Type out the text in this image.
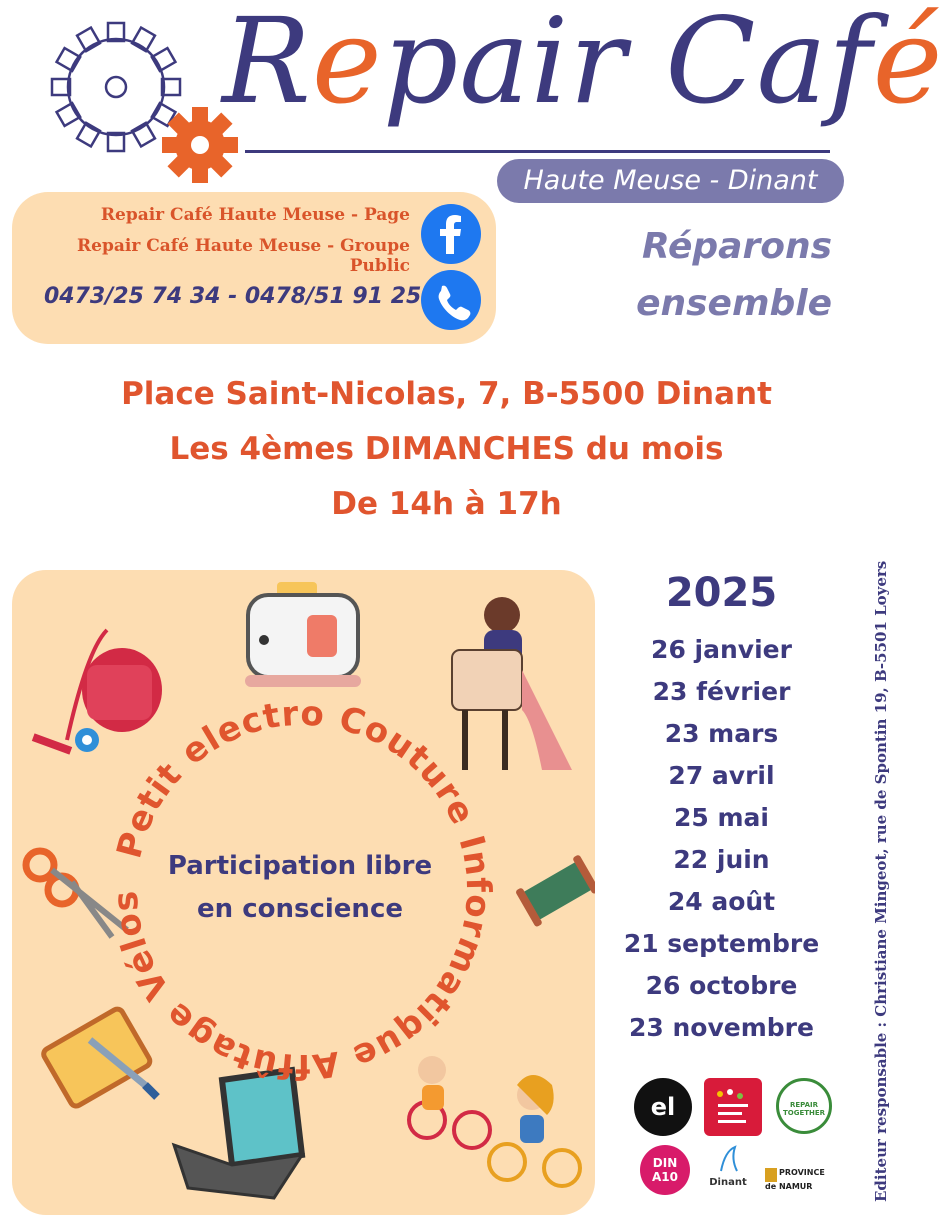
Repair Café
Haute Meuse - Dinant
Réparons
ensemble
Repair Café Haute Meuse - Page
Repair Café Haute Meuse - Groupe Public
0473/25 74 34 - 0478/51 91 25
Place Saint-Nicolas, 7, B-5500 Dinant
Les 4èmes DIMANCHES du mois
De 14h à 17h
Petit electro Couture Informatique Affûtage Vélos
Participation libre
en conscience
2025
26 janvier
23 février
23 mars
27 avril
25 mai
22 juin
24 août
21 septembre
26 octobre
23 novembre
el	REPAIR TOGETHER
DIN A10	Dinant
PROVINCE de NAMUR	Editeur responsable : Christiane Mingeot, rue de Spontin 19, B-5501 Loyers
